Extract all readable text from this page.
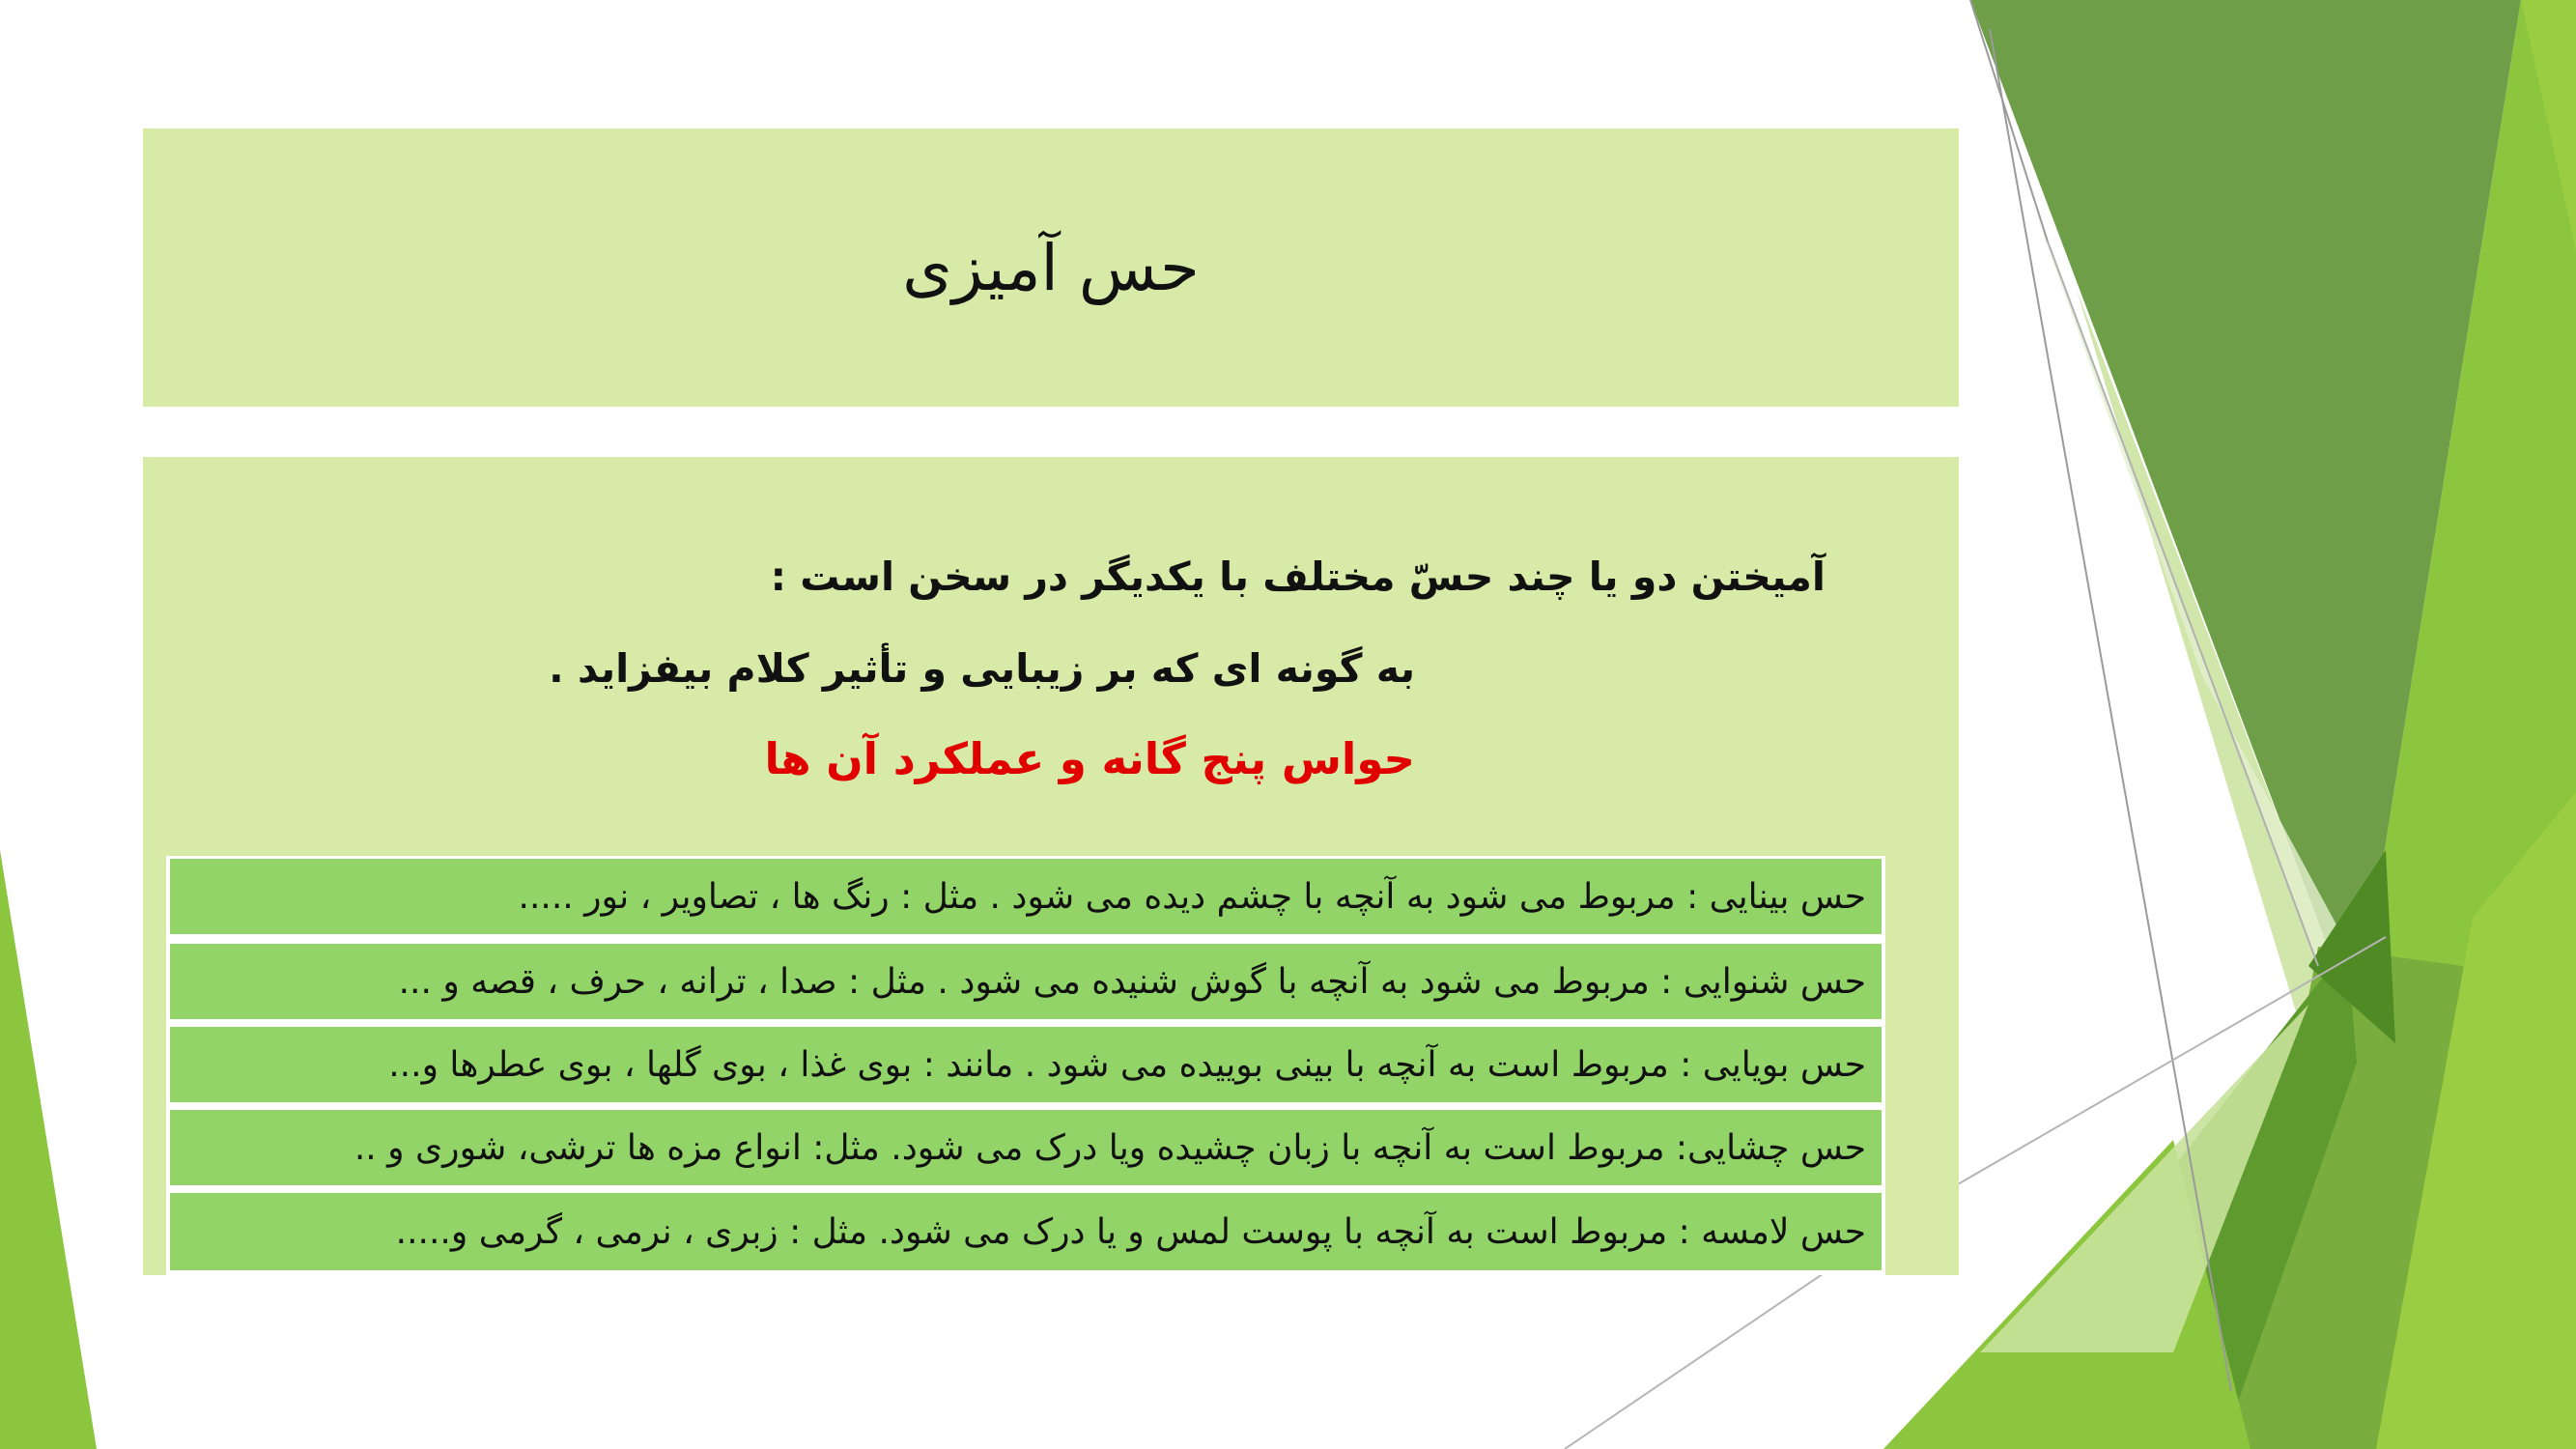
حس آمیزی
آمیختن دو یا چند حسّ مختلف با یکدیگر در سخن است :
به گونه ای که بر زیبایی و تأثیر کلام بیفزاید .
حواس پنج گانه و عملکرد آن ها
حس بینایی : مربوط می شود به آنچه با چشم دیده می شود . مثل : رنگ ها ، تصاویر ، نور .....
حس شنوایی : مربوط می شود به آنچه با گوش شنیده می شود . مثل : صدا ، ترانه ، حرف ، قصه و ...
حس بویایی : مربوط است به آنچه با بینی بوییده می شود . مانند : بوی غذا ، بوی گلها ، بوی عطرها و...
حس چشایی: مربوط است به آنچه با زبان چشیده ویا درک می شود. مثل: انواع مزه ها ترشی، شوری و ..
حس لامسه : مربوط است به آنچه با پوست لمس و یا درک می شود. مثل : زبری ، نرمی ، گرمی و.....
